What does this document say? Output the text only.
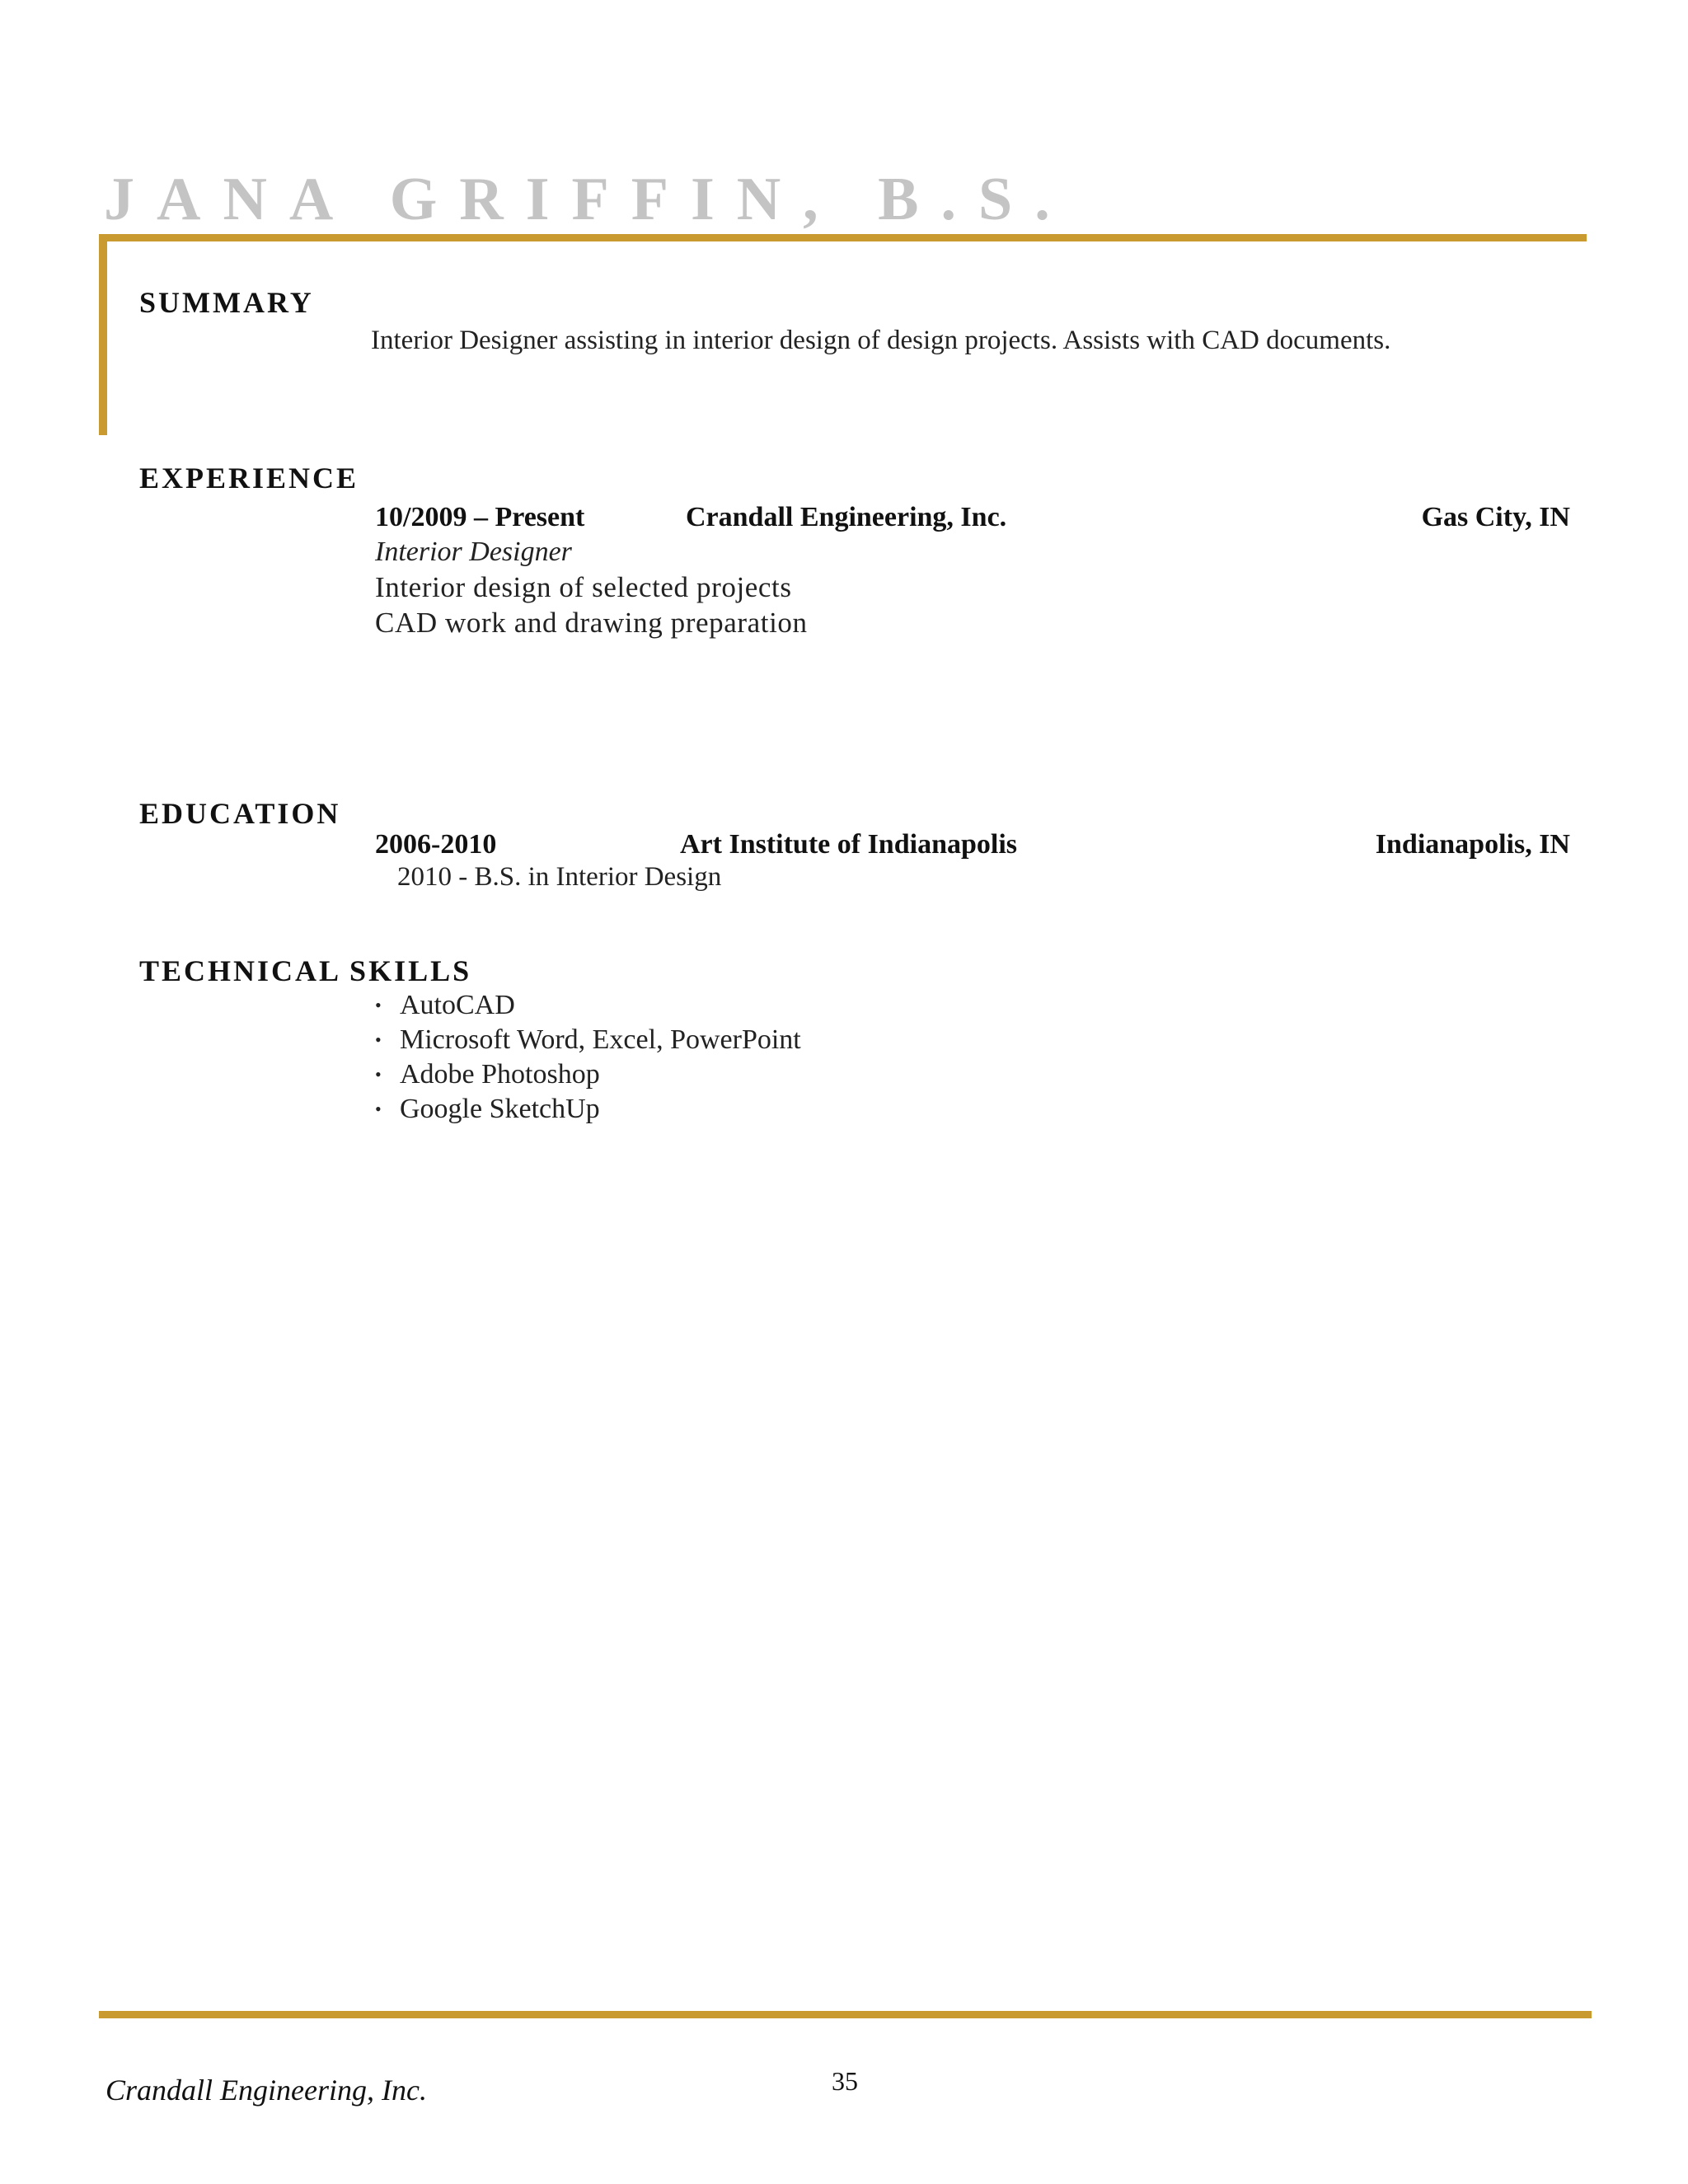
JANA GRIFFIN, B.S.
SUMMARY
Interior Designer assisting in interior design of design projects. Assists with CAD documents.
EXPERIENCE
10/2009 – Present	Crandall Engineering, Inc.	Gas City, IN
Interior Designer
Interior design of selected projects
CAD work and drawing preparation
EDUCATION
2006-2010	Art Institute of Indianapolis	Indianapolis, IN
2010 - B.S. in Interior Design
TECHNICAL SKILLS
• AutoCAD
• Microsoft Word, Excel, PowerPoint
• Adobe Photoshop
• Google SketchUp
Crandall Engineering, Inc.	35
